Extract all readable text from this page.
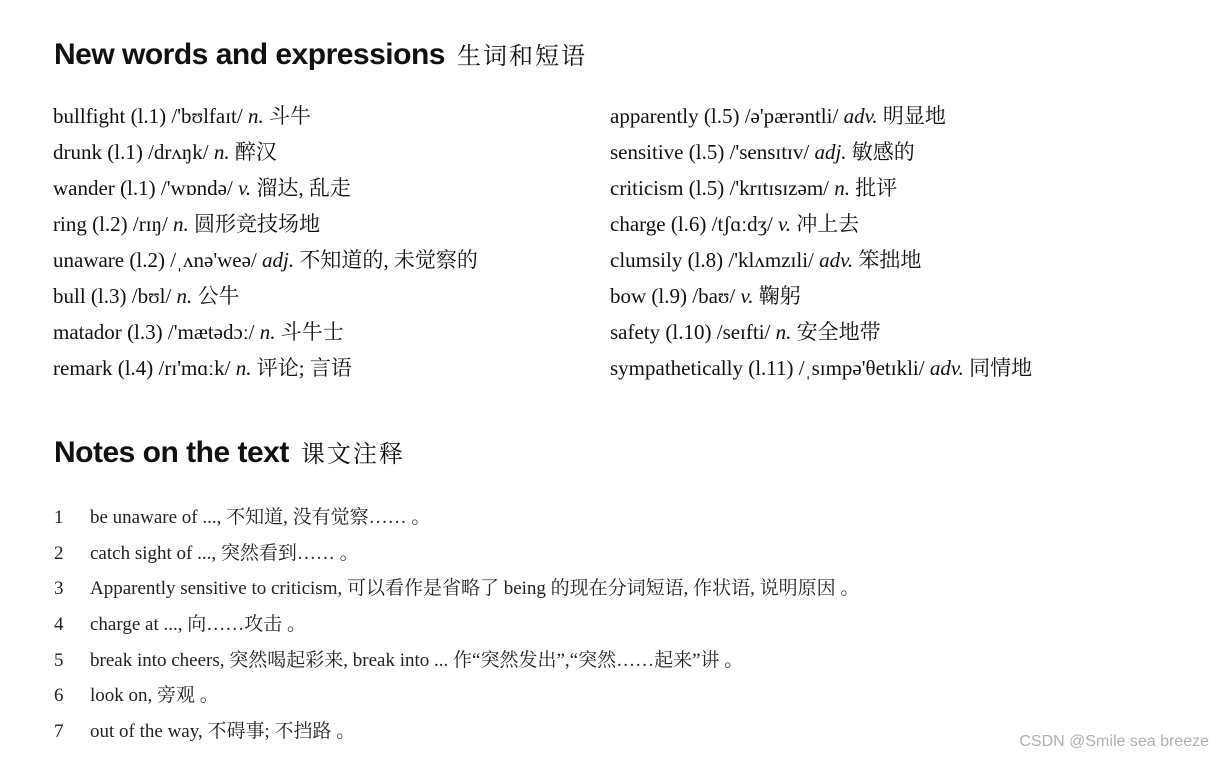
New words and expressions 生词和短语
bullfight (l.1) /'bʊlfaɪt/ n. 斗牛
drunk (l.1) /drʌŋk/ n. 醉汉
wander (l.1) /'wɒndə/ v. 溜达, 乱走
ring (l.2) /rɪŋ/ n. 圆形竞技场地
unaware (l.2) /ˌʌnə'weə/ adj. 不知道的, 未觉察的
bull (l.3) /bʊl/ n. 公牛
matador (l.3) /'mætədɔː/ n. 斗牛士
remark (l.4) /rɪ'mɑːk/ n. 评论; 言语
apparently (l.5) /ə'pærəntli/ adv. 明显地
sensitive (l.5) /'sensɪtɪv/ adj. 敏感的
criticism (l.5) /'krɪtɪsɪzəm/ n. 批评
charge (l.6) /tʃɑːdʒ/ v. 冲上去
clumsily (l.8) /'klʌmzɪli/ adv. 笨拙地
bow (l.9) /baʊ/ v. 鞠躬
safety (l.10) /seɪfti/ n. 安全地带
sympathetically (l.11) /ˌsɪmpə'θetɪkli/ adv. 同情地
Notes on the text 课文注释
1 be unaware of ..., 不知道, 没有觉察…… 。
2 catch sight of ..., 突然看到…… 。
3 Apparently sensitive to criticism, 可以看作是省略了 being 的现在分词短语, 作状语, 说明原因 。
4 charge at ..., 向……攻击 。
5 break into cheers, 突然喝起彩来, break into ... 作“突然发出”,“突然……起来”讲 。
6 look on, 旁观 。
7 out of the way, 不碍事; 不挡路 。	CSDN @Smile sea breeze
